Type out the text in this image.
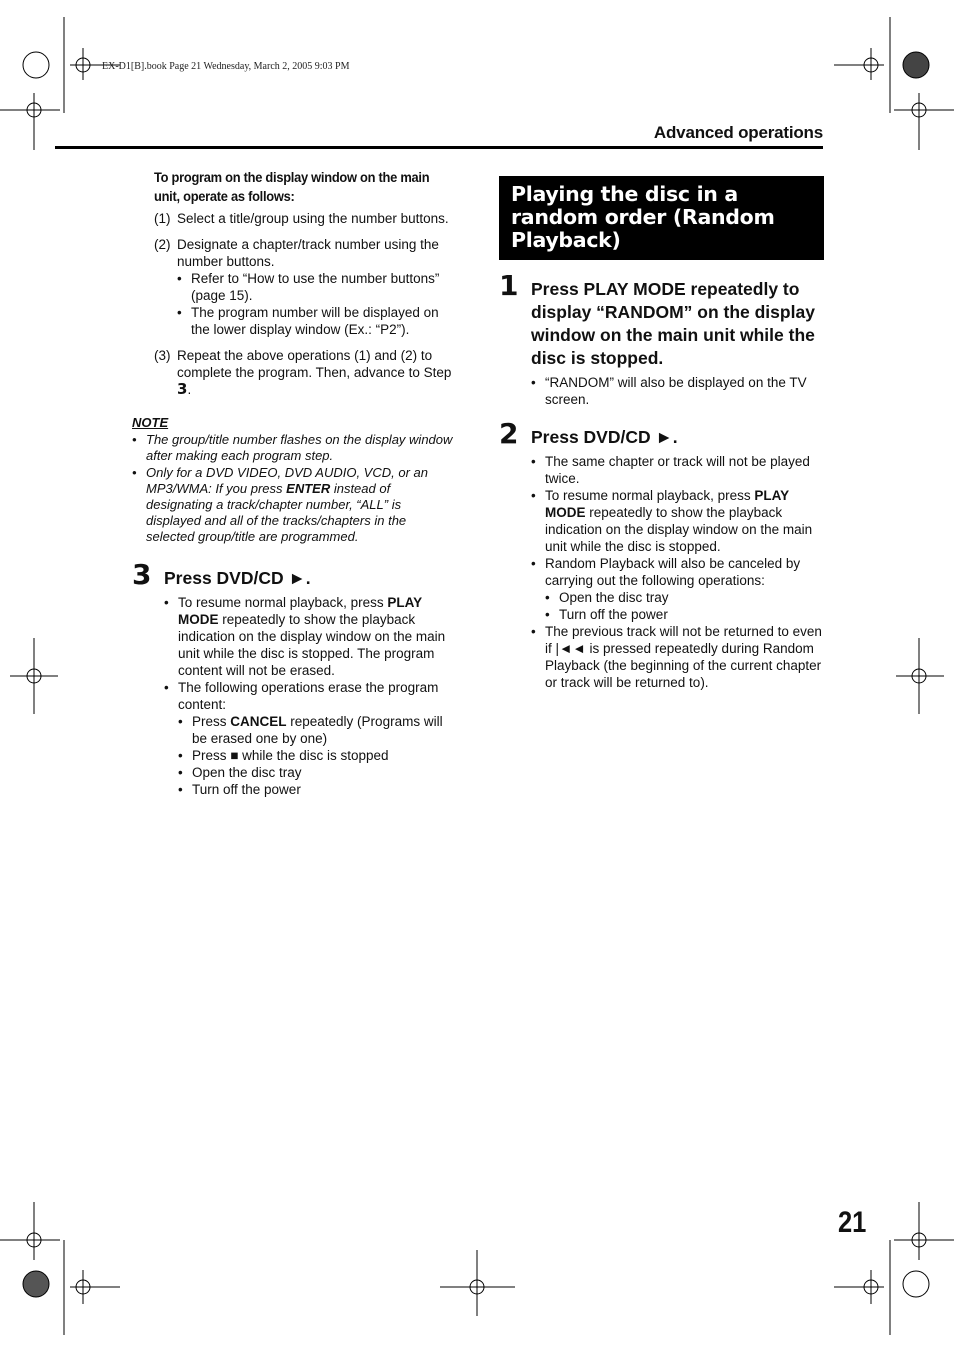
EX-D1[B].book Page 21 Wednesday, March 2, 2005 9:03 PM
Advanced operations
To program on the display window on the main unit, operate as follows:
(1) Select a title/group using the number buttons.
(2) Designate a chapter/track number using the number buttons.
• Refer to “How to use the number buttons” (page 15).
• The program number will be displayed on the lower display window (Ex.: “P2”).
(3) Repeat the above operations (1) and (2) to complete the program. Then, advance to Step 3.
NOTE
• The group/title number flashes on the display window after making each program step.
• Only for a DVD VIDEO, DVD AUDIO, VCD, or an MP3/WMA: If you press ENTER instead of designating a track/chapter number, “ALL” is displayed and all of the tracks/chapters in the selected group/title are programmed.
3 Press DVD/CD ►.
• To resume normal playback, press PLAY MODE repeatedly to show the playback indication on the display window on the main unit while the disc is stopped. The program content will not be erased.
• The following operations erase the program content:
• Press CANCEL repeatedly (Programs will be erased one by one)
• Press ■ while the disc is stopped
• Open the disc tray
• Turn off the power
Playing the disc in a random order (Random Playback)
1 Press PLAY MODE repeatedly to display “RANDOM” on the display window on the main unit while the disc is stopped.
• “RANDOM” will also be displayed on the TV screen.
2 Press DVD/CD ►.
• The same chapter or track will not be played twice.
• To resume normal playback, press PLAY MODE repeatedly to show the playback indication on the display window on the main unit while the disc is stopped.
• Random Playback will also be canceled by carrying out the following operations:
• Open the disc tray
• Turn off the power
• The previous track will not be returned to even if |◄◄ is pressed repeatedly during Random Playback (the beginning of the current chapter or track will be returned to).
21
